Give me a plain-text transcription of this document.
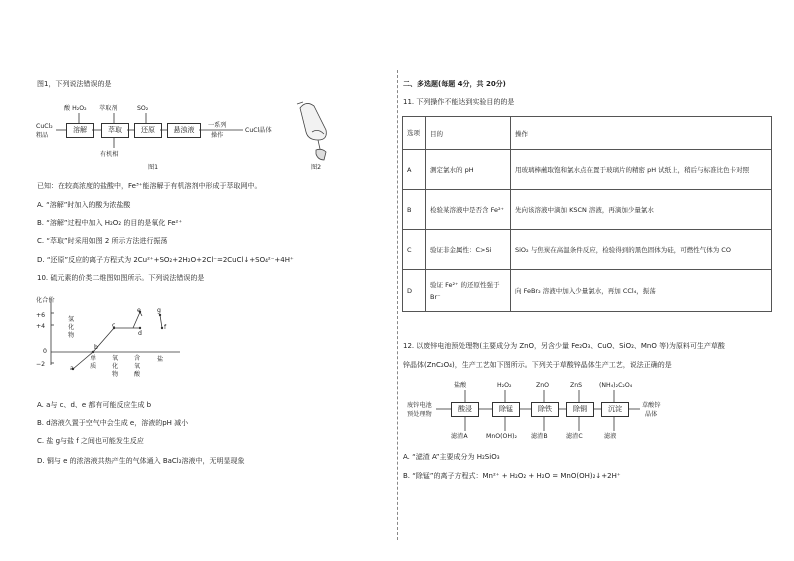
图1，下列说法错误的是
CuCl₂
粗品
酸 H₂O₂
溶解
萃取剂
萃取
有机相
SO₂
还原	悬浊液
一系列
操作
CuCl晶体
图1	图2
已知：在较高浓度的盐酸中，Fe³⁺能溶解于有机溶剂中形成于萃取网中。
A. “溶解”时加入的酸为浓盐酸
B. “溶解”过程中加入 H₂O₂ 的目的是氧化 Fe²⁺
C. “萃取”时采用如图 2 所示方法进行振荡
D. “还原”反应的离子方程式为 2Cu²⁺+SO₂+2H₂O+2Cl⁻=2CuCl↓+SO₄²⁻+4H⁺
10. 硫元素的价类二维图如图所示。下列说法错误的是
化合价
+6
+4
0
−2
氢化物
单质
氧化物
含氧酸
盐
a
b
c
d
e
f
g
A. a与 c、d、e 都有可能反应生成 b
B. d溶液久置于空气中会生成 e，溶液的pH 减小
C. 盐 g与盐 f 之间也可能发生反应
D. 铜与 e 的浓溶液共热产生的气体通入 BaCl₂溶液中，无明显现象
二、多选题(每题 4分，共 20分)
11. 下列操作不能达到实验目的的是
选项	目的	操作
A	测定氯水的 pH	用玻璃棒蘸取饱和氯水点在置于玻璃片的精密 pH 试纸上，稍后与标准比色卡对照
B	检验某溶液中是否含 Fe²⁺	先向该溶液中滴加 KSCN 溶液，再滴加少量氯水
C	验证非金属性：C>Si	SiO₂ 与焦炭在高温条件反应，检验得到的黑色固体为硅，可燃性气体为 CO
D	验证 Fe²⁺ 的还原性强于 Br⁻	向 FeBr₂ 溶液中加入少量氯水，再加 CCl₄，振荡
12. 以废锌电池预处理物(主要成分为 ZnO，另含少量 Fe₂O₃、CuO、SiO₂、MnO 等)为原料可生产草酸
锌晶体(ZnC₂O₄)，生产工艺如下图所示。下列关于草酸锌晶体生产工艺，说法正确的是
废锌电池
预处理物
盐酸	H₂O₂	ZnO	ZnS	(NH₄)₂C₂O₄
酸浸	除锰	除铁	除铜	沉淀
滤渣A	MnO(OH)₂ 滤渣B	滤渣C	滤液
草酸锌
晶体
A. “滤渣 A”主要成分为 H₂SiO₃
B. “除锰”的离子方程式：Mn²⁺ + H₂O₂ + H₂O = MnO(OH)₂↓+2H⁺
